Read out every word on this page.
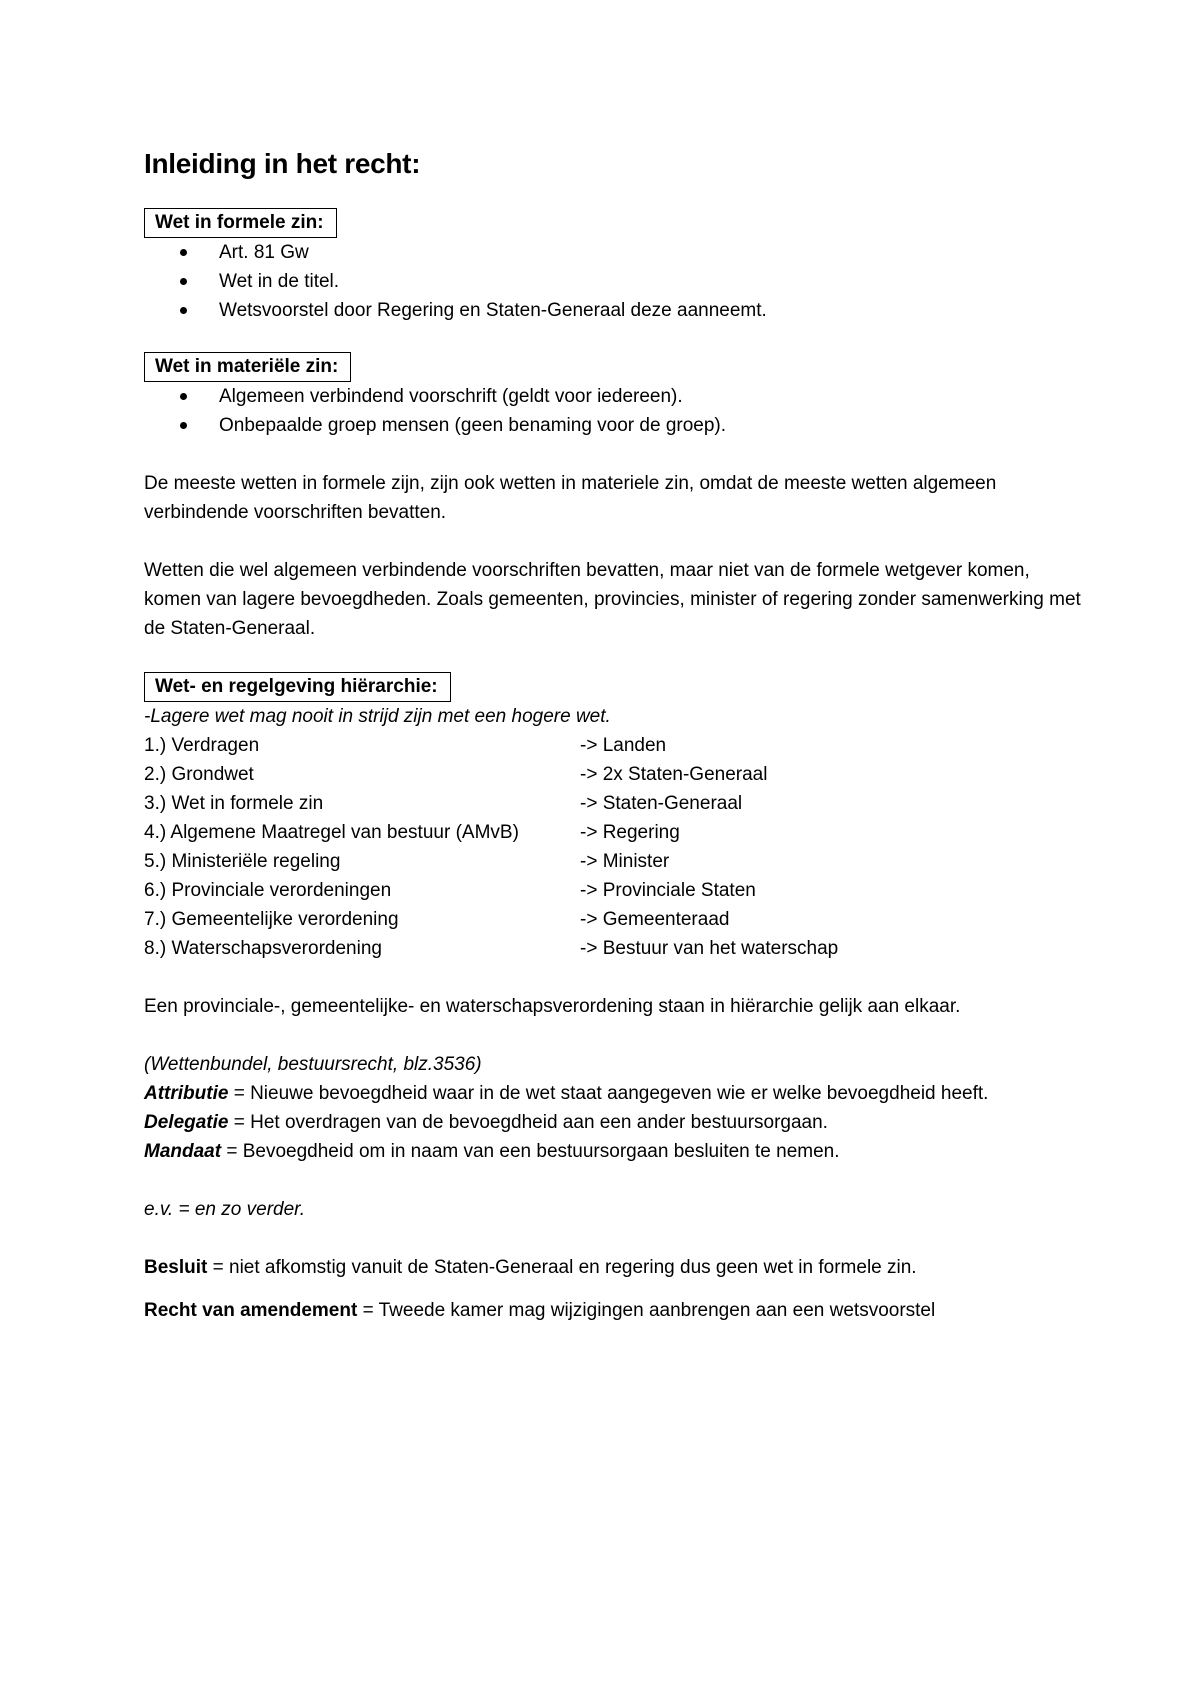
Inleiding in het recht:
Wet in formele zin:
Art. 81 Gw
Wet in de titel.
Wetsvoorstel door Regering en Staten-Generaal deze aanneemt.
Wet in materiële zin:
Algemeen verbindend voorschrift (geldt voor iedereen).
Onbepaalde groep mensen (geen benaming voor de groep).

De meeste wetten in formele zijn, zijn ook wetten in materiele zin, omdat de meeste wetten algemeen verbindende voorschriften bevatten.

Wetten die wel algemeen verbindende voorschriften bevatten, maar niet van de formele wetgever komen, komen van lagere bevoegdheden. Zoals gemeenten, provincies, minister of regering zonder samenwerking met de Staten-Generaal.

Wet- en regelgeving hiërarchie:

-Lagere wet mag nooit in strijd zijn met een hogere wet.

1.) Verdragen	-> Landen
2.) Grondwet	-> 2x Staten-Generaal
3.) Wet in formele zin	-> Staten-Generaal
4.) Algemene Maatregel van bestuur (AMvB)	-> Regering
5.) Ministeriële regeling	-> Minister
6.) Provinciale verordeningen	-> Provinciale Staten
7.) Gemeentelijke verordening	-> Gemeenteraad
8.) Waterschapsverordening	-> Bestuur van het waterschap

Een provinciale-, gemeentelijke- en waterschapsverordening staan in hiërarchie gelijk aan elkaar.

(Wettenbundel, bestuursrecht, blz.3536)

Attributie = Nieuwe bevoegdheid waar in de wet staat aangegeven wie er welke bevoegdheid heeft.

Delegatie = Het overdragen van de bevoegdheid aan een ander bestuursorgaan.

Mandaat = Bevoegdheid om in naam van een bestuursorgaan besluiten te nemen.

e.v. = en zo verder.

Besluit = niet afkomstig vanuit de Staten-Generaal en regering dus geen wet in formele zin.

Recht van amendement = Tweede kamer mag wijzigingen aanbrengen aan een wetsvoorstel
